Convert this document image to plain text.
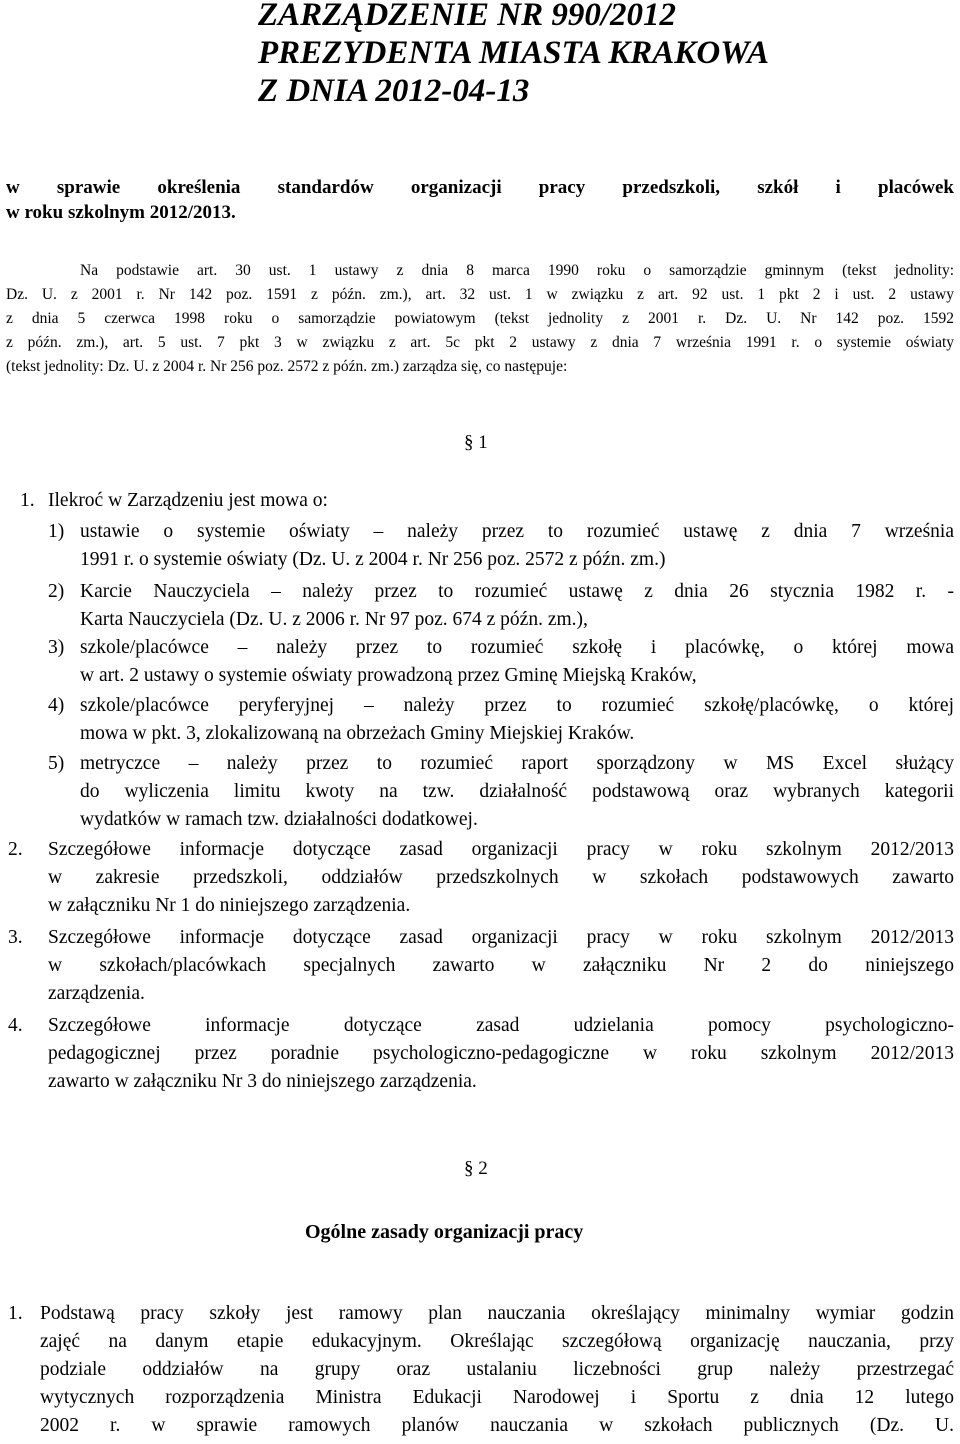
ZARZĄDZENIE NR 990/2012
PREZYDENTA MIASTA KRAKOWA
Z DNIA 2012-04-13
w sprawie określenia standardów organizacji pracy przedszkoli, szkół i placówek
w roku szkolnym 2012/2013.
Na podstawie art. 30 ust. 1 ustawy z dnia 8 marca 1990 roku o samorządzie gminnym (tekst jednolity:
Dz. U. z 2001 r. Nr 142 poz. 1591 z późn. zm.), art. 32 ust. 1 w związku z art. 92 ust. 1 pkt 2 i ust. 2 ustawy
z dnia 5 czerwca 1998 roku o samorządzie powiatowym (tekst jednolity z 2001 r. Dz. U. Nr 142 poz. 1592
z późn. zm.), art. 5 ust. 7 pkt 3 w związku z art. 5c pkt 2 ustawy z dnia 7 września 1991 r. o systemie oświaty
(tekst jednolity: Dz. U. z 2004 r. Nr 256 poz. 2572 z późn. zm.) zarządza się, co następuje:
§ 1
1. Ilekroć w Zarządzeniu jest mowa o:
1) ustawie o systemie oświaty – należy przez to rozumieć ustawę z dnia 7 września
1991 r. o systemie oświaty (Dz. U. z 2004 r. Nr 256 poz. 2572 z późn. zm.)
2) Karcie Nauczyciela – należy przez to rozumieć ustawę z dnia 26 stycznia 1982 r. -
Karta Nauczyciela (Dz. U. z 2006 r. Nr 97 poz. 674 z późn. zm.),
3) szkole/placówce – należy przez to rozumieć szkołę i placówkę, o której mowa
w art. 2 ustawy o systemie oświaty prowadzoną przez Gminę Miejską Kraków,
4) szkole/placówce peryferyjnej – należy przez to rozumieć szkołę/placówkę, o której
mowa w pkt. 3, zlokalizowaną na obrzeżach Gminy Miejskiej Kraków.
5) metryczce – należy przez to rozumieć raport sporządzony w MS Excel służący
do wyliczenia limitu kwoty na tzw. działalność podstawową oraz wybranych kategorii
wydatków w ramach tzw. działalności dodatkowej.
2. Szczegółowe informacje dotyczące zasad organizacji pracy w roku szkolnym 2012/2013
w zakresie przedszkoli, oddziałów przedszkolnych w szkołach podstawowych zawarto
w załączniku Nr 1 do niniejszego zarządzenia.
3. Szczegółowe informacje dotyczące zasad organizacji pracy w roku szkolnym 2012/2013
w szkołach/placówkach specjalnych zawarto w załączniku Nr 2 do niniejszego
zarządzenia.
4. Szczegółowe informacje dotyczące zasad udzielania pomocy psychologiczno-
pedagogicznej przez poradnie psychologiczno-pedagogiczne w roku szkolnym 2012/2013
zawarto w załączniku Nr 3 do niniejszego zarządzenia.
§ 2
Ogólne zasady organizacji pracy
1. Podstawą pracy szkoły jest ramowy plan nauczania określający minimalny wymiar godzin
zajęć na danym etapie edukacyjnym. Określając szczegółową organizację nauczania, przy
podziale oddziałów na grupy oraz ustalaniu liczebności grup należy przestrzegać
wytycznych rozporządzenia Ministra Edukacji Narodowej i Sportu z dnia 12 lutego
2002 r. w sprawie ramowych planów nauczania w szkołach publicznych (Dz. U.
